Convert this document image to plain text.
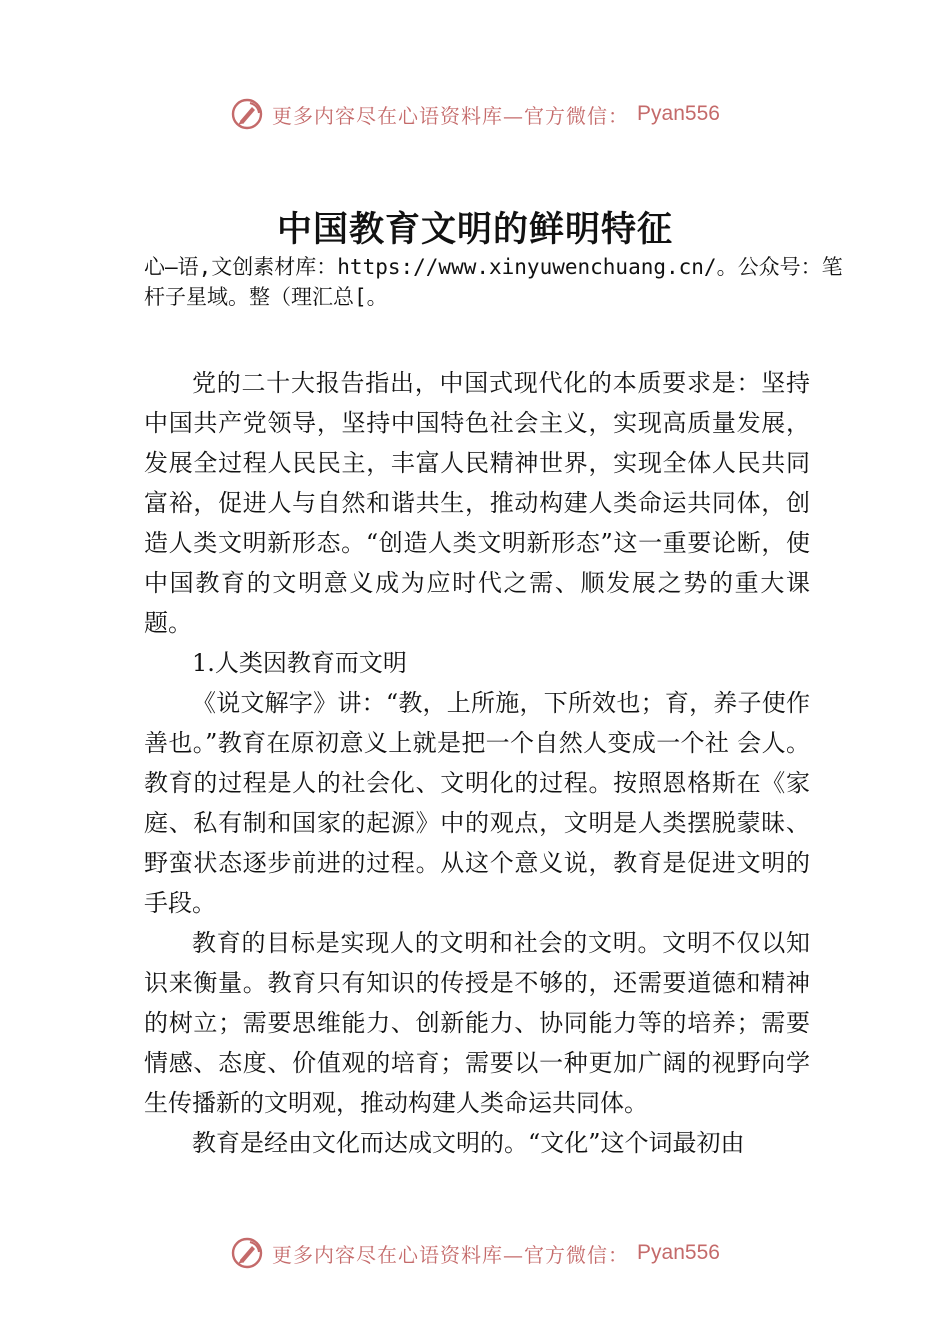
更多内容尽在心语资料库—官方微信： Pyan556
中国教育文明的鲜明特征
心—语,文创素材库：https://www.xinyuwenchuang.cn/。公众号：笔杆子星域。整（理汇总[。

党的二十大报告指出，中国式现代化的本质要求是：坚持中国共产党领导，坚持中国特色社会主义，实现高质量发展，发展全过程人民民主，丰富人民精神世界，实现全体人民共同富裕，促进人与自然和谐共生，推动构建人类命运共同体，创造人类文明新形态。“创造人类文明新形态”这一重要论断，使中国教育的文明意义成为应时代之需、顺发展之势的重大课题。

1.人类因教育而文明

《说文解字》讲：“教，上所施，下所效也；育，养子使作善也。”教育在原初意义上就是把一个自然人变成一个社 会人。教育的过程是人的社会化、文明化的过程。按照恩格斯在《家庭、私有制和国家的起源》中的观点，文明是人类摆脱蒙昧、野蛮状态逐步前进的过程。从这个意义说，教育是促进文明的手段。

教育的目标是实现人的文明和社会的文明。文明不仅以知识来衡量。教育只有知识的传授是不够的，还需要道德和精神的树立；需要思维能力、创新能力、协同能力等的培养；需要情感、态度、价值观的培育；需要以一种更加广阔的视野向学生传播新的文明观，推动构建人类命运共同体。

教育是经由文化而达成文明的。“文化”这个词最初由

更多内容尽在心语资料库—官方微信： Pyan556
